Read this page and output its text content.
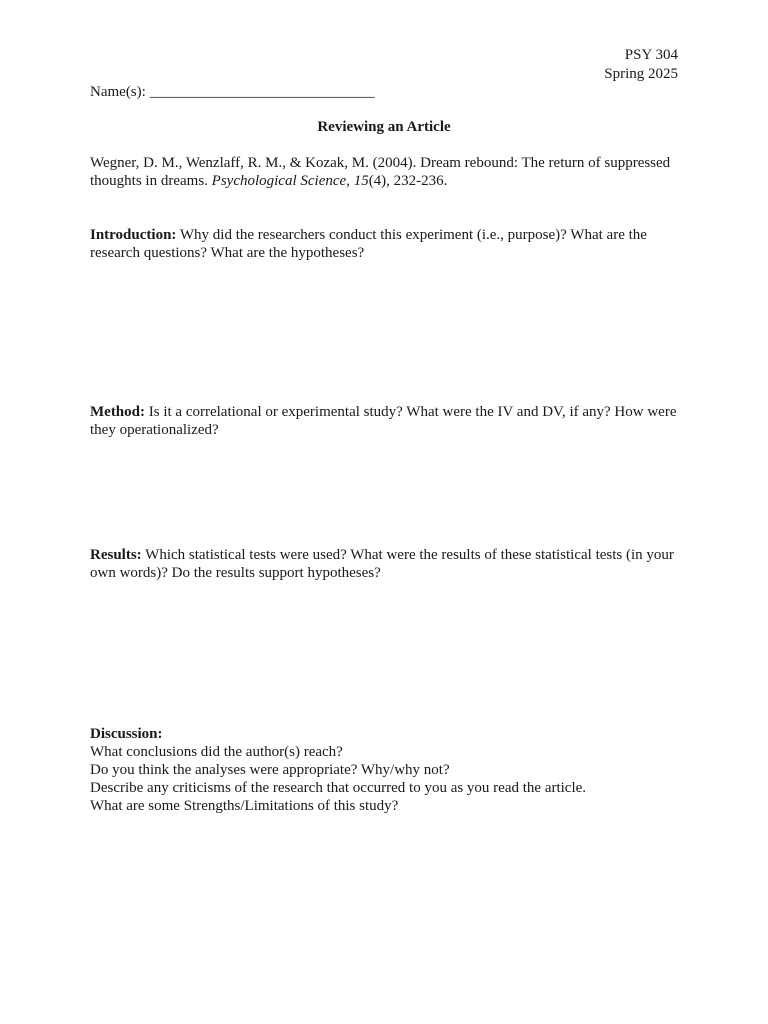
PSY 304
Spring 2025
Name(s): ______________________________
Reviewing an Article
Wegner, D. M., Wenzlaff, R. M., & Kozak, M. (2004). Dream rebound: The return of suppressed thoughts in dreams. Psychological Science, 15(4), 232-236.
Introduction: Why did the researchers conduct this experiment (i.e., purpose)? What are the research questions? What are the hypotheses?
Method: Is it a correlational or experimental study? What were the IV and DV, if any? How were they operationalized?
Results: Which statistical tests were used? What were the results of these statistical tests (in your own words)? Do the results support hypotheses?
Discussion:
What conclusions did the author(s) reach?
Do you think the analyses were appropriate? Why/why not?
Describe any criticisms of the research that occurred to you as you read the article.
What are some Strengths/Limitations of this study?
